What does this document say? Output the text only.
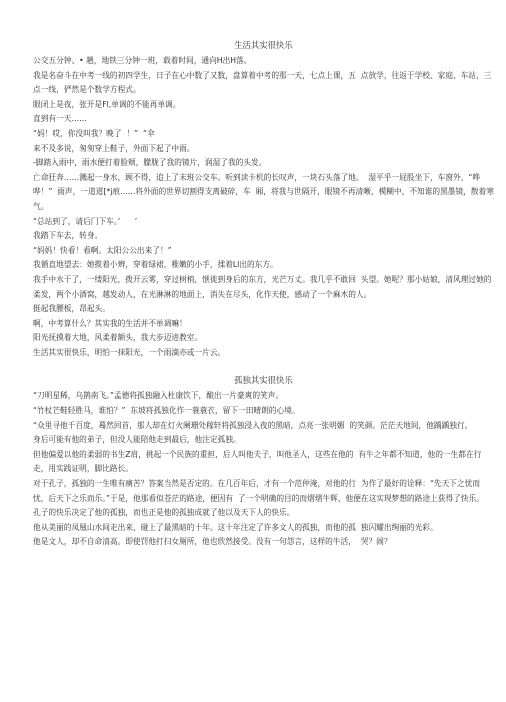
生活其实很快乐

公交五分钟、• 趟，地铁三分钟一班，载着时间，通向H出H落。

我是名奋斗在中考一线的初四学生，日子在心中数了又数，盘算着中考的那一天，七点上课，五  点放学，往返于学校、家庭、车站，三点一线，俨然是个数学方程式。

眼闭上是夜，张开是Fl,单调的不能再单调。

直到有一天……

“妈！哎，你没叫我？晚了  ！”  “伞

来不及多说，匆匆穿上鞋子，外面下起了中雨。

-脚踏入雨中，雨水便打着脸颊，朦胧了我的镜片，润湿了我的头发。

亡命狂奔……溅起一身水，顾不得，追上了末班公交车。听到读卡机的长叹声，一块石头落了地。  湿平乎一屁股坐下，车窗外，“哗哗！”  雨声，一道道[*j痕……将外面的世界切割得支离破碎，车  厢，将我与世隔开，眼镜不再清晰，模糊中，不知谁的黑墨镜，散着寒气。

“总站到了，请后门下车。’      ’

我踏下车去，转身。

“妈妈！快看！看啊。太阳公公出来了！”

我循直地望去：她揽着小辫，穿着绿裙，稚嫩的小手，揉着Ll出的东方。

我手中水干了，一缕阳光，拨开云雾，穿过树梢，惬徙到身后的东方，光芒万丈。我几乎不敢回  头望。她呢？那小姑娘，清风理过她的柔发，两个小酒窝，越发动人，在光淋淋的地面上，消失在尽头，化作天使，感动了一个麻木的人。

挺起我腰板，昂起头。

啊，中考算什么？其实我的生活并不单调嘛！

阳光抚摸着大地，风柔着额头，我大步迈进教室。

生活其实很快乐，明怕一抹阳光，一个雨滴亦或一片云。

孤独其实很快乐

“刀明星稀，乌鹊南飞。”孟德将孤独融入杜康饮下，酿出一片豪爽的笑声。

“竹杖芒鞋轻胜马，谁怕？”  东坡将孤独化作一蓑蓑衣，留下一田晴朗的心境。

“众里寻他千百度，蓦然回首，那人却在灯火阑珊处稼轩将孤独浸入夜的黑暗，点亮一张明媚  的笑颜。茫茫天地间，他踽踽独行。

身后可能有他的弟子，但没人能陪他走到最后，他注定孤独。

但他偏爱以他的柔弱的书生Z肩，挑起一个民族的重担，后人叫他夫子，叫他圣人，这些在他的  有牛之年都不知道，他的一生都在行走，用实践证明，脚比路长。

对于孔子，孤独的一生唯有痛苦？答案当然是否定的。在几百年后，才有一个范仲淹，对他的行  为作了最好的诠释：“先天下之忧而忧，后天下之乐而乐。”于是，他那看似苍茫的路途，便因有  了一个明确的目的而熠熠牛辉，他便在这实现梦想的路途上获得了快乐。

孔子的快乐决定了他的孤独，而也正是他的孤独成就了他以及天下人的快乐。

他从美丽的凤凰山水间走出来，碰上了最黑暗的十年。这十年注定了许多文人的孤独，而他的孤  独闪耀出绚丽的光彩。

他是文人，却不自命清高。即使罚他打扫女厕所，他也欣然接受。没有一句怨言，这样的牛活，  哭？闹？
